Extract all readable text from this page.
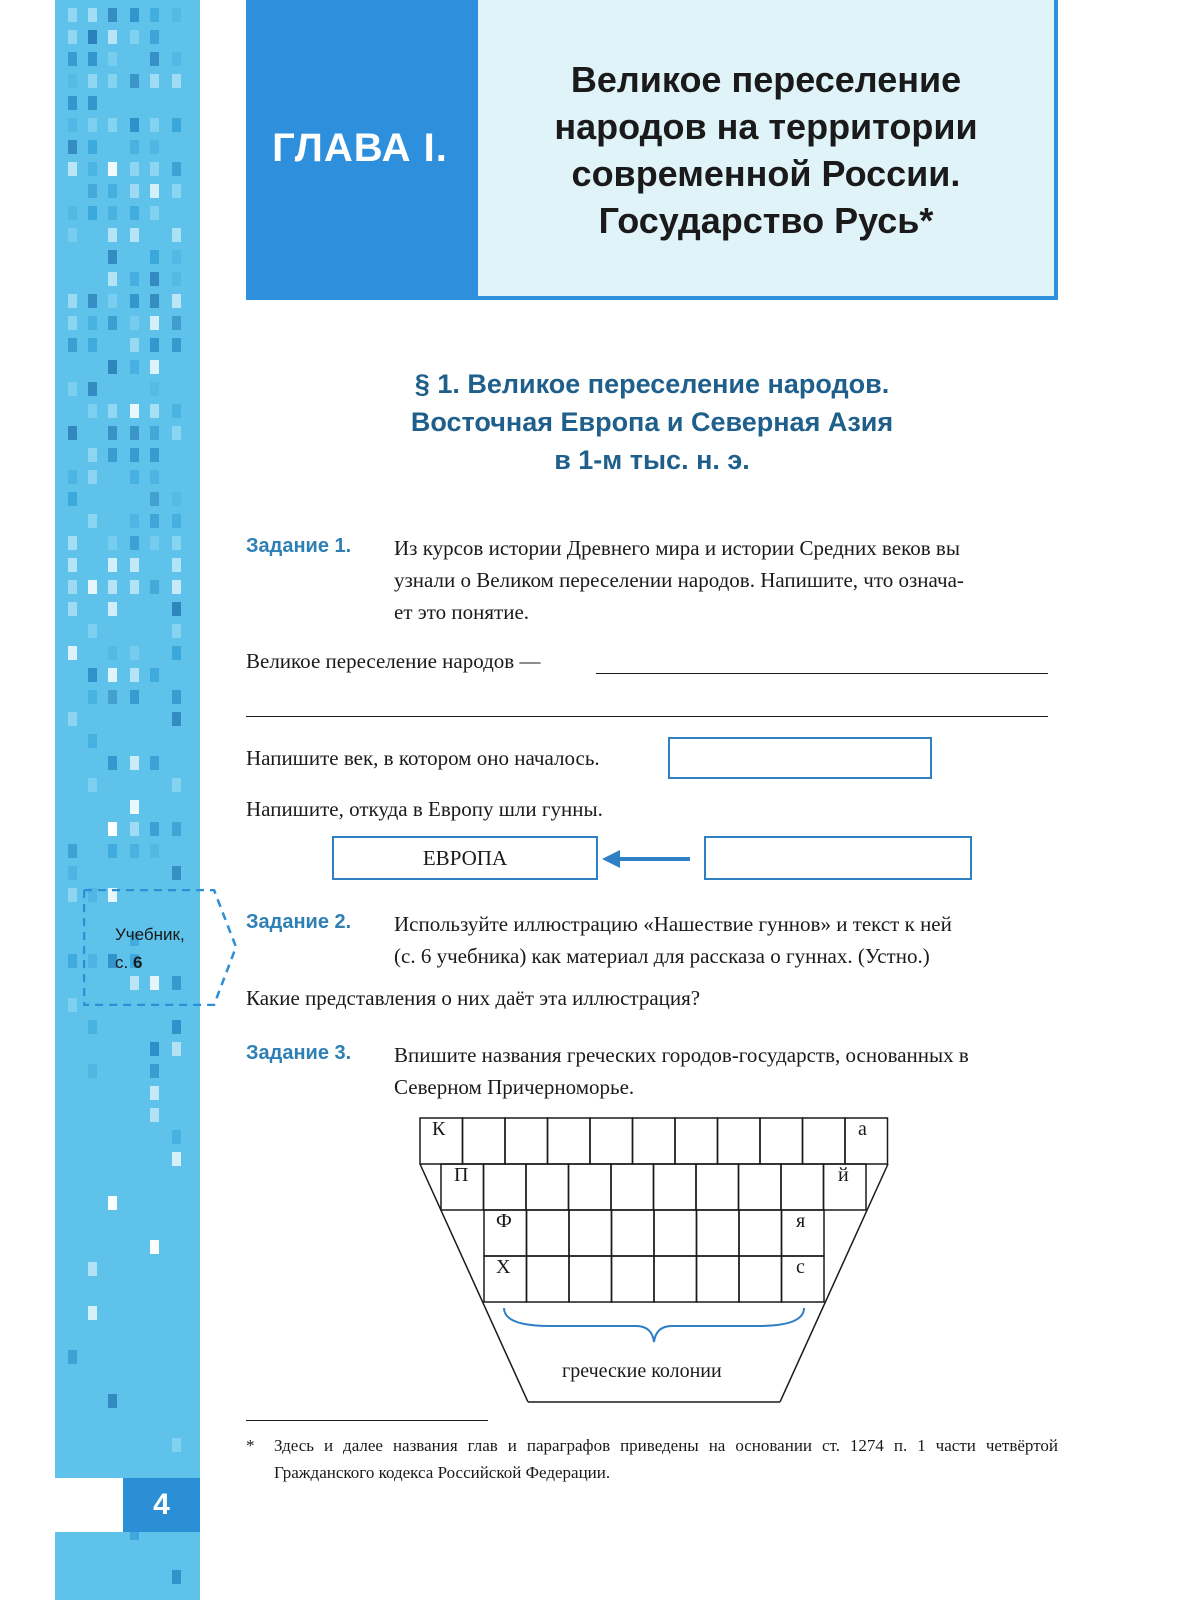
4
ГЛАВА I.
Великое переселение
народов на территории
современной России.
Государство Русь*
§ 1. Великое переселение народов.
Восточная Европа и Северная Азия
в 1-м тыс. н. э.
Задание 1. Из курсов истории Древнего мира и истории Средних веков вы
узнали о Великом переселении народов. Напишите, что означа-
ет это понятие.
Великое переселение народов —
Напишите век, в котором оно началось.
Напишите, откуда в Европу шли гунны.
ЕВРОПА
Учебник,
с. 6
Задание 2. Используйте иллюстрацию «Нашествие гуннов» и текст к ней
(с. 6 учебника) как материал для рассказа о гуннах. (Устно.)
Какие представления о них даёт эта иллюстрация?
Задание 3. Впишите названия греческих городов-государств, основанных в
Северном Причерноморье.
К	а
П	й
Ф	я
Х	с
греческие колонии
* Здесь и далее названия глав и параграфов приведены на основании ст. 1274 п. 1 части четвёртой Гражданского кодекса Российской Федерации.
